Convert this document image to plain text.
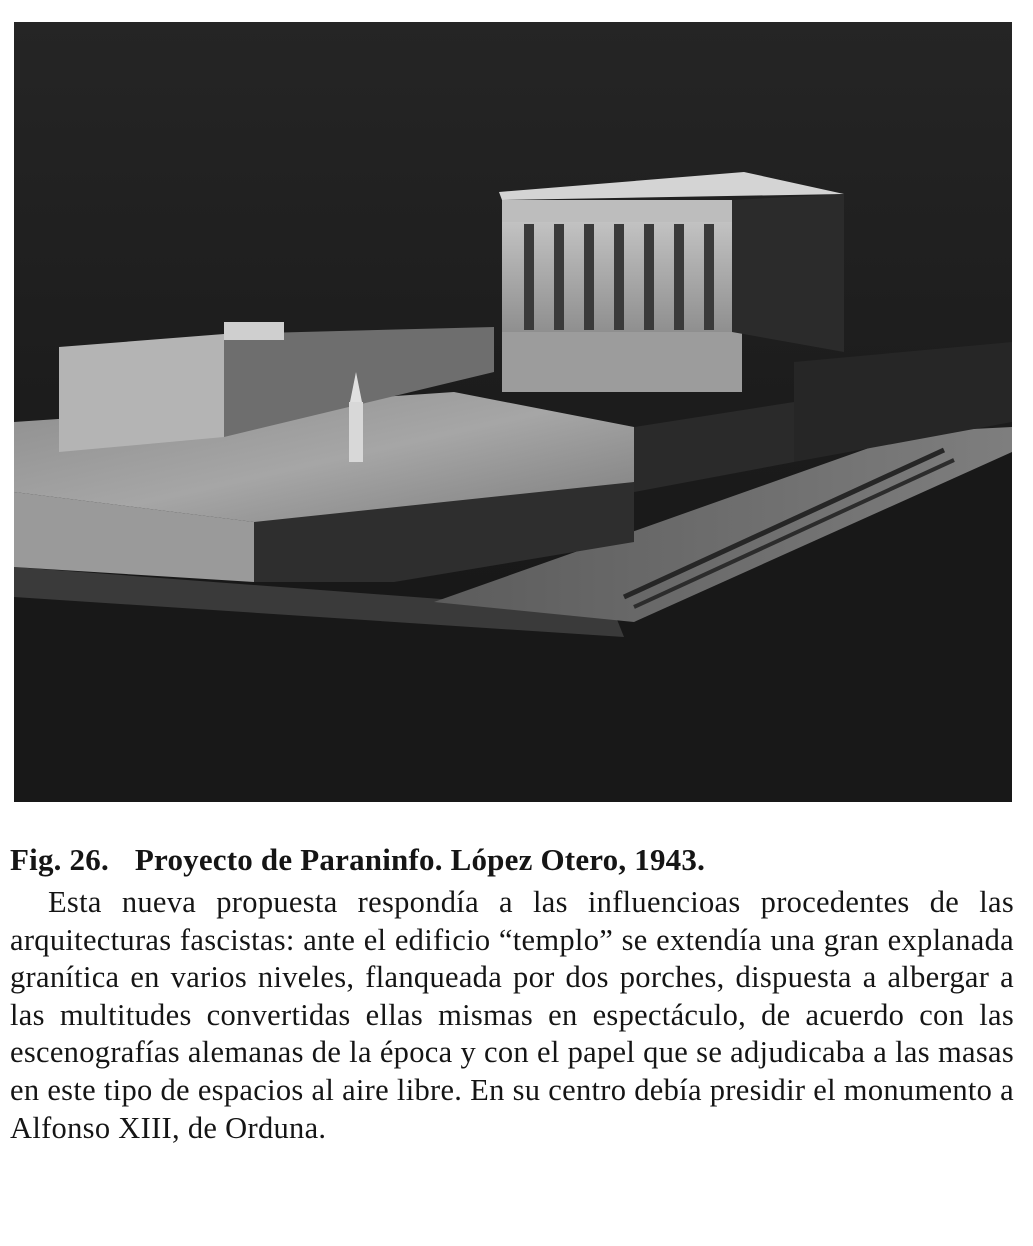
Fig. 26. Proyecto de Paraninfo. López Otero, 1943.

Esta nueva propuesta respondía a las influencioas procedentes de las arquitecturas fascistas: ante el edificio “templo” se extendía una gran explanada granítica en varios niveles, flanqueada por dos porches, dispuesta a albergar a las multitudes convertidas ellas mismas en espectáculo, de acuerdo con las escenografías alemanas de la época y con el papel que se adjudicaba a las masas en este tipo de espacios al aire libre. En su centro debía presidir el monumento a Alfonso XIII, de Orduna.
